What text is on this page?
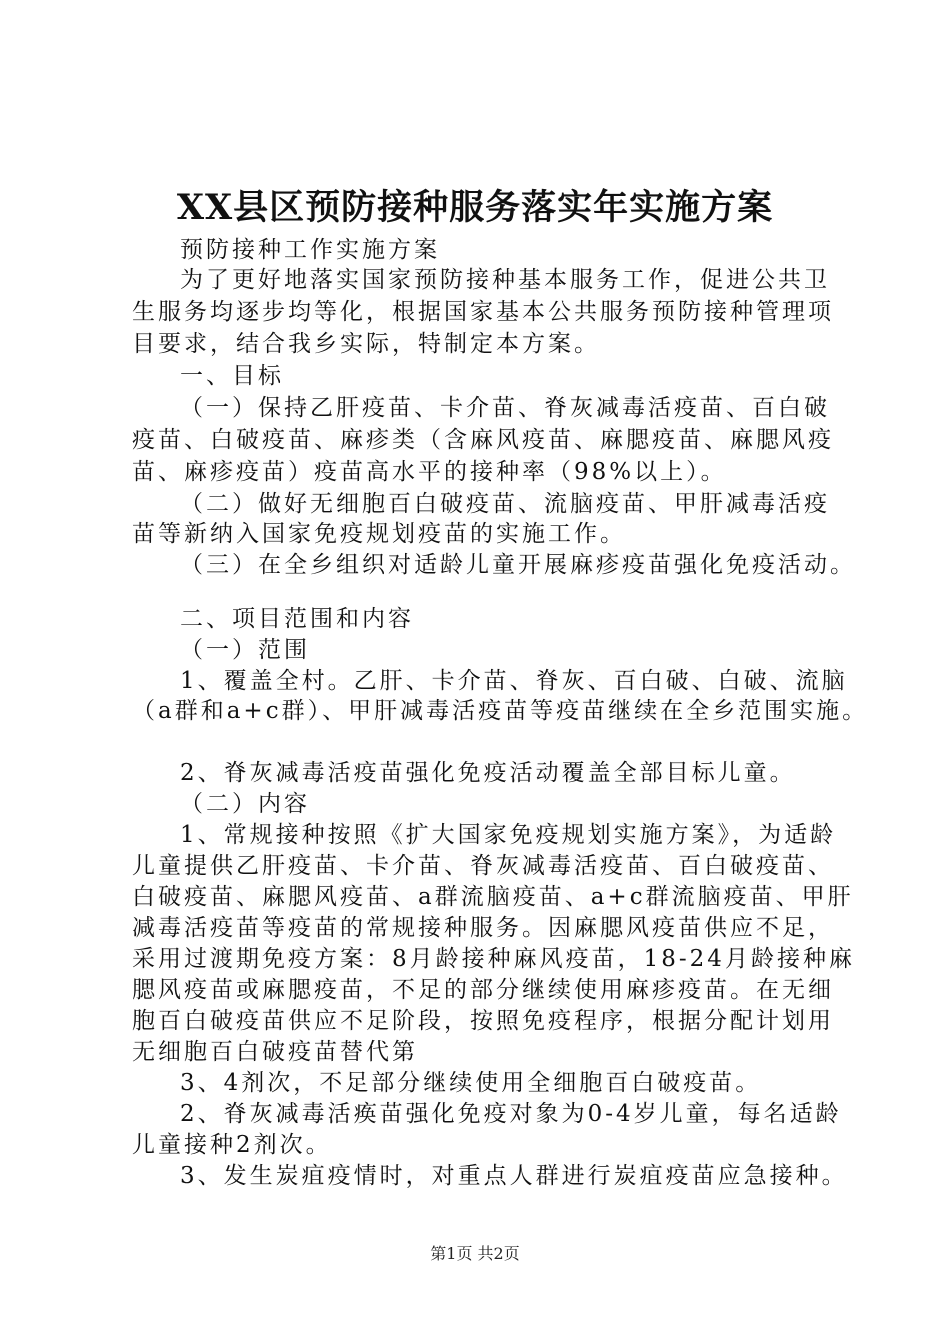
XX县区预防接种服务落实年实施方案
预防接种工作实施方案
为了更好地落实国家预防接种基本服务工作，促进公共卫
生服务均逐步均等化，根据国家基本公共服务预防接种管理项
目要求，结合我乡实际，特制定本方案。
一、目标
（一）保持乙肝疫苗、卡介苗、脊灰减毒活疫苗、百白破
疫苗、白破疫苗、麻疹类（含麻风疫苗、麻腮疫苗、麻腮风疫
苗、麻疹疫苗）疫苗高水平的接种率（98%以上）。
（二）做好无细胞百白破疫苗、流脑疫苗、甲肝减毒活疫
苗等新纳入国家免疫规划疫苗的实施工作。
（三）在全乡组织对适龄儿童开展麻疹疫苗强化免疫活动。
二、项目范围和内容
（一）范围
1、覆盖全村。乙肝、卡介苗、脊灰、百白破、白破、流脑
（a群和a+c群）、甲肝减毒活疫苗等疫苗继续在全乡范围实施。
2、脊灰减毒活疫苗强化免疫活动覆盖全部目标儿童。
（二）内容
1、常规接种按照《扩大国家免疫规划实施方案》，为适龄
儿童提供乙肝疫苗、卡介苗、脊灰减毒活疫苗、百白破疫苗、
白破疫苗、麻腮风疫苗、a群流脑疫苗、a+c群流脑疫苗、甲肝
减毒活疫苗等疫苗的常规接种服务。因麻腮风疫苗供应不足，
采用过渡期免疫方案：8月龄接种麻风疫苗，18-24月龄接种麻
腮风疫苗或麻腮疫苗，不足的部分继续使用麻疹疫苗。在无细
胞百白破疫苗供应不足阶段，按照免疫程序，根据分配计划用
无细胞百白破疫苗替代第
3、4剂次，不足部分继续使用全细胞百白破疫苗。
2、脊灰减毒活痪苗强化免疫对象为0-4岁儿童，每名适龄
儿童接种2剂次。
3、发生炭疽疫情时，对重点人群进行炭疽疫苗应急接种。
第1页 共2页
